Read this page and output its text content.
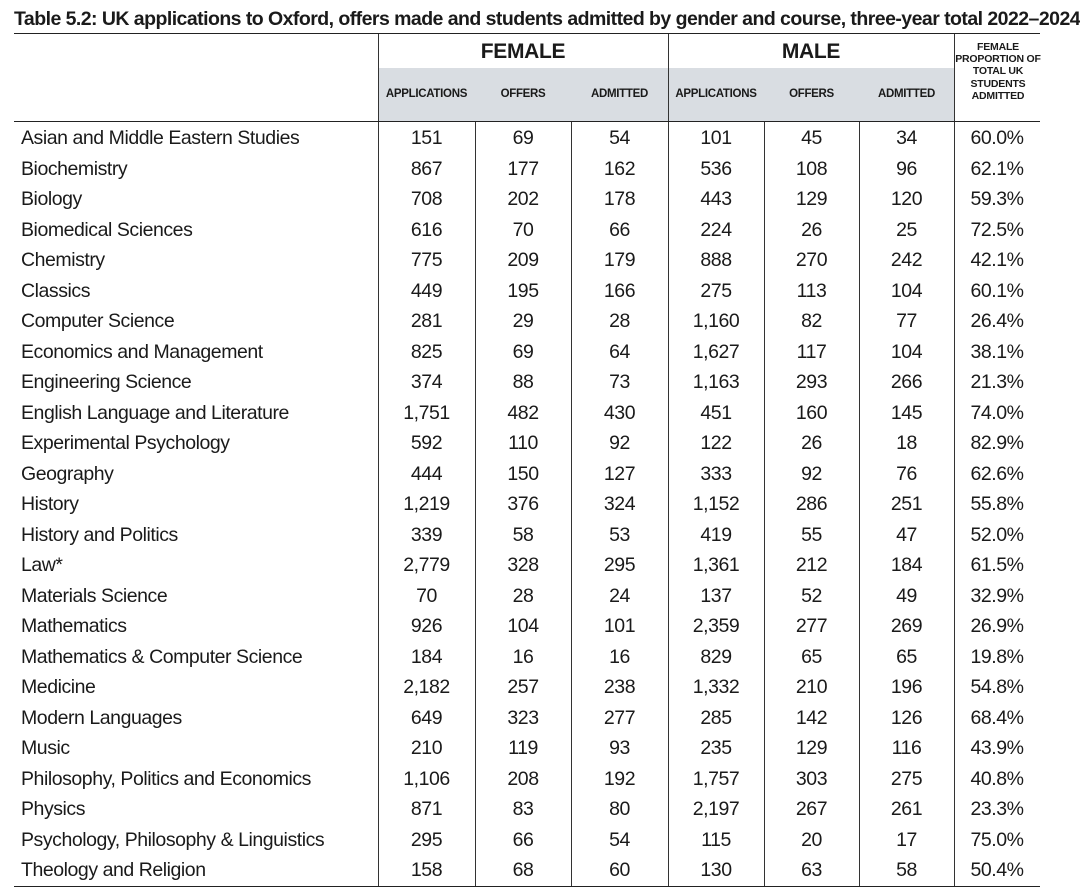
Table 5.2: UK applications to Oxford, offers made and students admitted by gender and course, three-year total 2022–2024
FEMALE	MALE	FEMALE PROPORTION OF TOTAL UK STUDENTS ADMITTED
APPLICATIONS	OFFERS	ADMITTED	APPLICATIONS	OFFERS	ADMITTED
Asian and Middle Eastern Studies	151	69	54	101	45	34	60.0%
Biochemistry	867	177	162	536	108	96	62.1%
Biology	708	202	178	443	129	120	59.3%
Biomedical Sciences	616	70	66	224	26	25	72.5%
Chemistry	775	209	179	888	270	242	42.1%
Classics	449	195	166	275	113	104	60.1%
Computer Science	281	29	28	1,160	82	77	26.4%
Economics and Management	825	69	64	1,627	117	104	38.1%
Engineering Science	374	88	73	1,163	293	266	21.3%
English Language and Literature	1,751	482	430	451	160	145	74.0%
Experimental Psychology	592	110	92	122	26	18	82.9%
Geography	444	150	127	333	92	76	62.6%
History	1,219	376	324	1,152	286	251	55.8%
History and Politics	339	58	53	419	55	47	52.0%
Law*	2,779	328	295	1,361	212	184	61.5%
Materials Science	70	28	24	137	52	49	32.9%
Mathematics	926	104	101	2,359	277	269	26.9%
Mathematics & Computer Science	184	16	16	829	65	65	19.8%
Medicine	2,182	257	238	1,332	210	196	54.8%
Modern Languages	649	323	277	285	142	126	68.4%
Music	210	119	93	235	129	116	43.9%
Philosophy, Politics and Economics	1,106	208	192	1,757	303	275	40.8%
Physics	871	83	80	2,197	267	261	23.3%
Psychology, Philosophy & Linguistics	295	66	54	115	20	17	75.0%
Theology and Religion	158	68	60	130	63	58	50.4%
